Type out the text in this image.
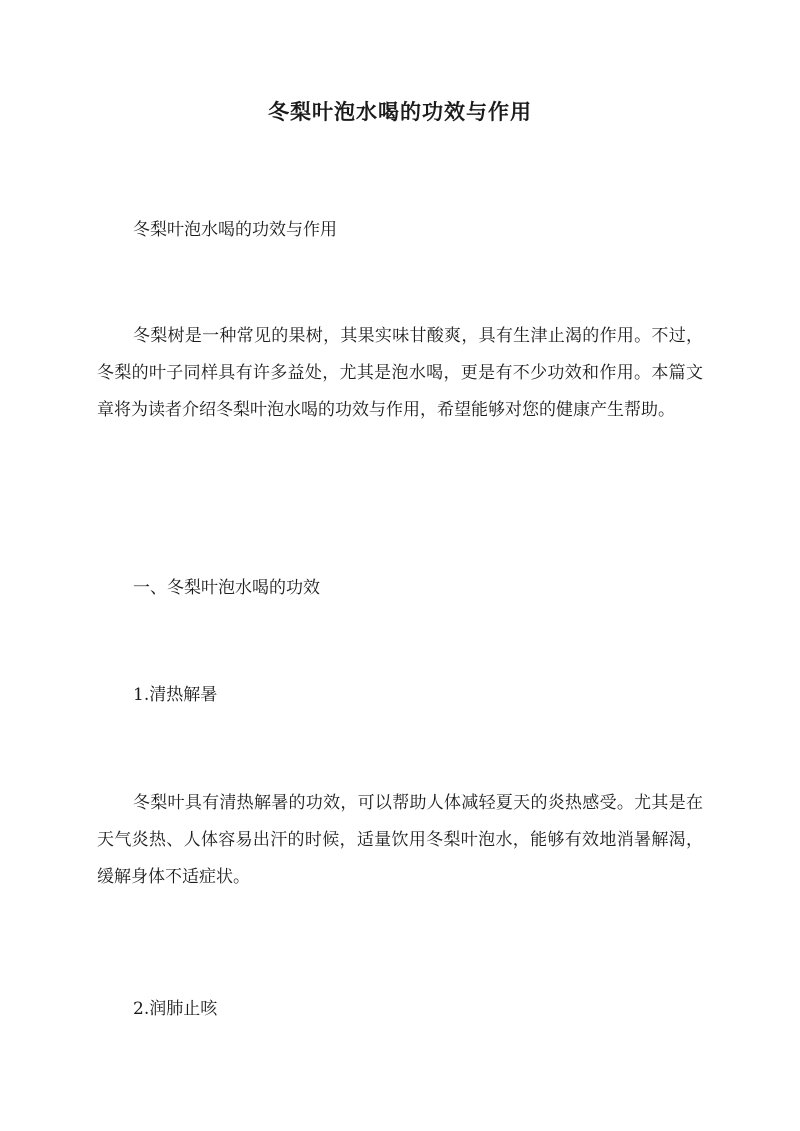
冬梨叶泡水喝的功效与作用

冬梨叶泡水喝的功效与作用

冬梨树是一种常见的果树，其果实味甘酸爽，具有生津止渴的作用。不过，冬梨的叶子同样具有许多益处，尤其是泡水喝，更是有不少功效和作用。本篇文章将为读者介绍冬梨叶泡水喝的功效与作用，希望能够对您的健康产生帮助。

一、冬梨叶泡水喝的功效

1.清热解暑

冬梨叶具有清热解暑的功效，可以帮助人体减轻夏天的炎热感受。尤其是在天气炎热、人体容易出汗的时候，适量饮用冬梨叶泡水，能够有效地消暑解渴，缓解身体不适症状。

2.润肺止咳
